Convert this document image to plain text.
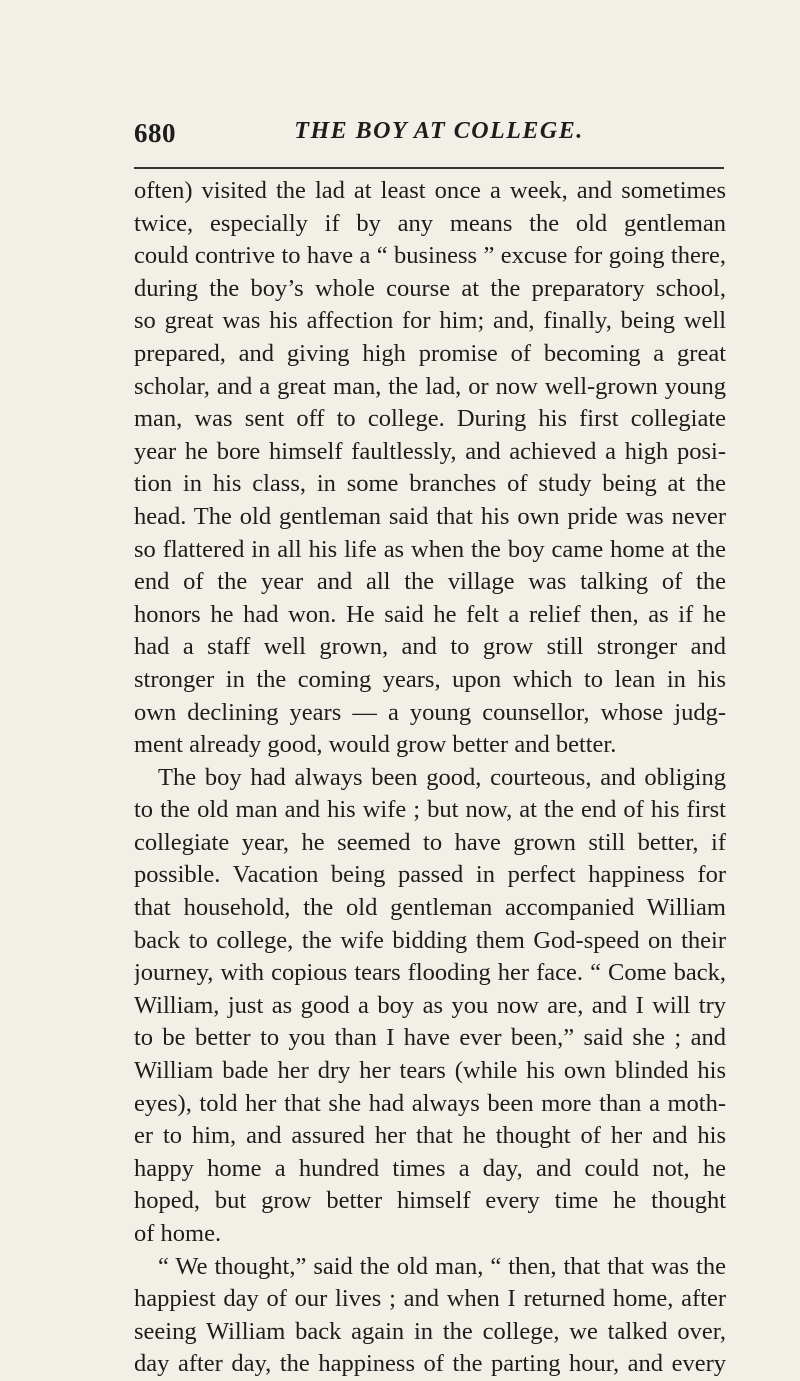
680	THE BOY AT COLLEGE.
often) visited the lad at least once a week, and sometimes
twice, especially if by any means the old gentleman
could contrive to have a “ business ” excuse for going there,
during the boy’s whole course at the preparatory school,
so great was his affection for him; and, finally, being well
prepared, and giving high promise of becoming a great
scholar, and a great man, the lad, or now well-grown young
man, was sent off to college. During his first collegiate
year he bore himself faultlessly, and achieved a high posi-
tion in his class, in some branches of study being at the
head. The old gentleman said that his own pride was never
so flattered in all his life as when the boy came home at the
end of the year and all the village was talking of the
honors he had won. He said he felt a relief then, as if he
had a staff well grown, and to grow still stronger and
stronger in the coming years, upon which to lean in his
own declining years — a young counsellor, whose judg-
ment already good, would grow better and better.
The boy had always been good, courteous, and obliging
to the old man and his wife ; but now, at the end of his first
collegiate year, he seemed to have grown still better, if
possible. Vacation being passed in perfect happiness for
that household, the old gentleman accompanied William
back to college, the wife bidding them God-speed on their
journey, with copious tears flooding her face. “ Come back,
William, just as good a boy as you now are, and I will try
to be better to you than I have ever been,” said she ; and
William bade her dry her tears (while his own blinded his
eyes), told her that she had always been more than a moth-
er to him, and assured her that he thought of her and his
happy home a hundred times a day, and could not, he
hoped, but grow better himself every time he thought
of home.
“ We thought,” said the old man, “ then, that that was the
happiest day of our lives ; and when I returned home, after
seeing William back again in the college, we talked over,
day after day, the happiness of the parting hour, and every
